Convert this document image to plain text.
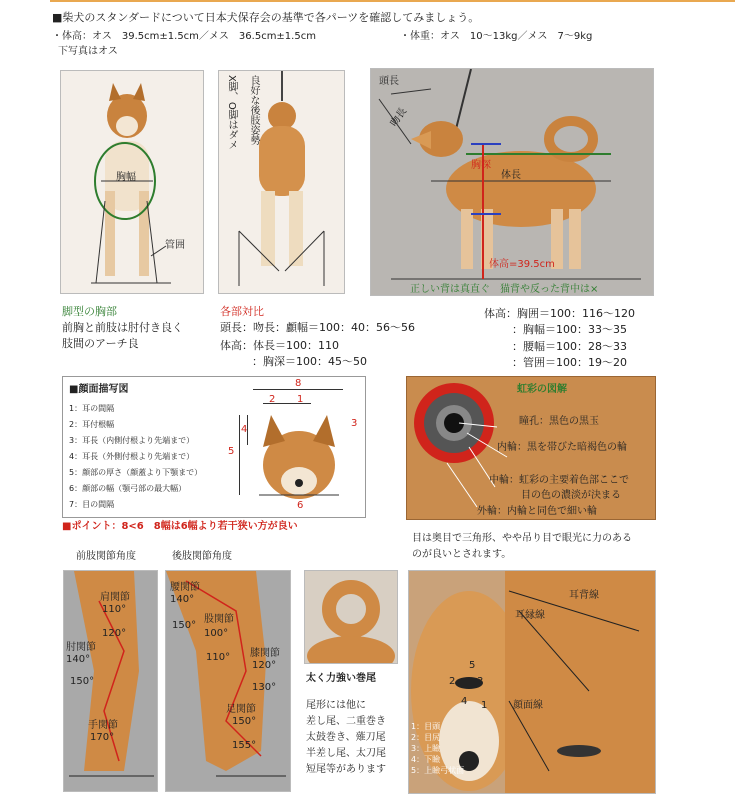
■柴犬のスタンダードについて日本犬保存会の基準で各パーツを確認してみましょう。
・体高：オス　39.5cm±1.5cm／メス　36.5cm±1.5cm	・体重：オス　10～13kg／メス　7～9kg
下写真はオス
胸幅
管囲
脚型の胸部
前胸と前肢は肘付き良く
肢間のアーチ良
良好な後肢姿勢
X脚、O脚はダメ
各部対比
頭長：吻長：顱幅＝100：40：56～56
体高：体長＝100：110
：胸深＝100：45～50
頭長
吻長
胸深
体長
体高=39.5cm
正しい背は真直ぐ　猫背や反った背中は×
体高：胸囲＝100：116～120
：胸幅＝100：33～35
：腰幅＝100：28～33
：管囲＝100：19～20
■顔面描写図
1：耳の間隔
2：耳付根幅
3：耳長（内側付根より先端まで）
4：耳長（外側付根より先端まで）
5：顔部の厚さ（顔蓋より下顎まで）
6：顔部の幅（顎弓部の最大幅）
7：目の間隔
8
2 1
4
3
5
6
■ポイント：8<6　8幅は6幅より若干狭い方が良い
虹彩の図解
瞳孔：黒色の黒玉
内輪：黒を帯びた暗褐色の輪
中輪：虹彩の主要着色部ここで
目の色の濃淡が決まる
外輪：内輪と同色で細い輪
目は奥目で三角形、やや吊り目で眼光に力のある
のが良いとされます。
前肢関節角度
肩関節
110°
120°
肘関節
140°
150°
手関節
170°
後肢関節角度
腰関節
140°
150°
股関節
100°
110° 膝関節
120°
130°
足関節
150°
155°
太く力強い巻尾
尾形には他に
差し尾、二重巻き
太鼓巻き、薙刀尾
半差し尾、太刀尾
短尾等があります
耳背線
耳縁線
顔面線
5
2 3
4 1
1：目頭
2：目尻
3：上瞼
4：下瞼
5：上瞼弓状面
